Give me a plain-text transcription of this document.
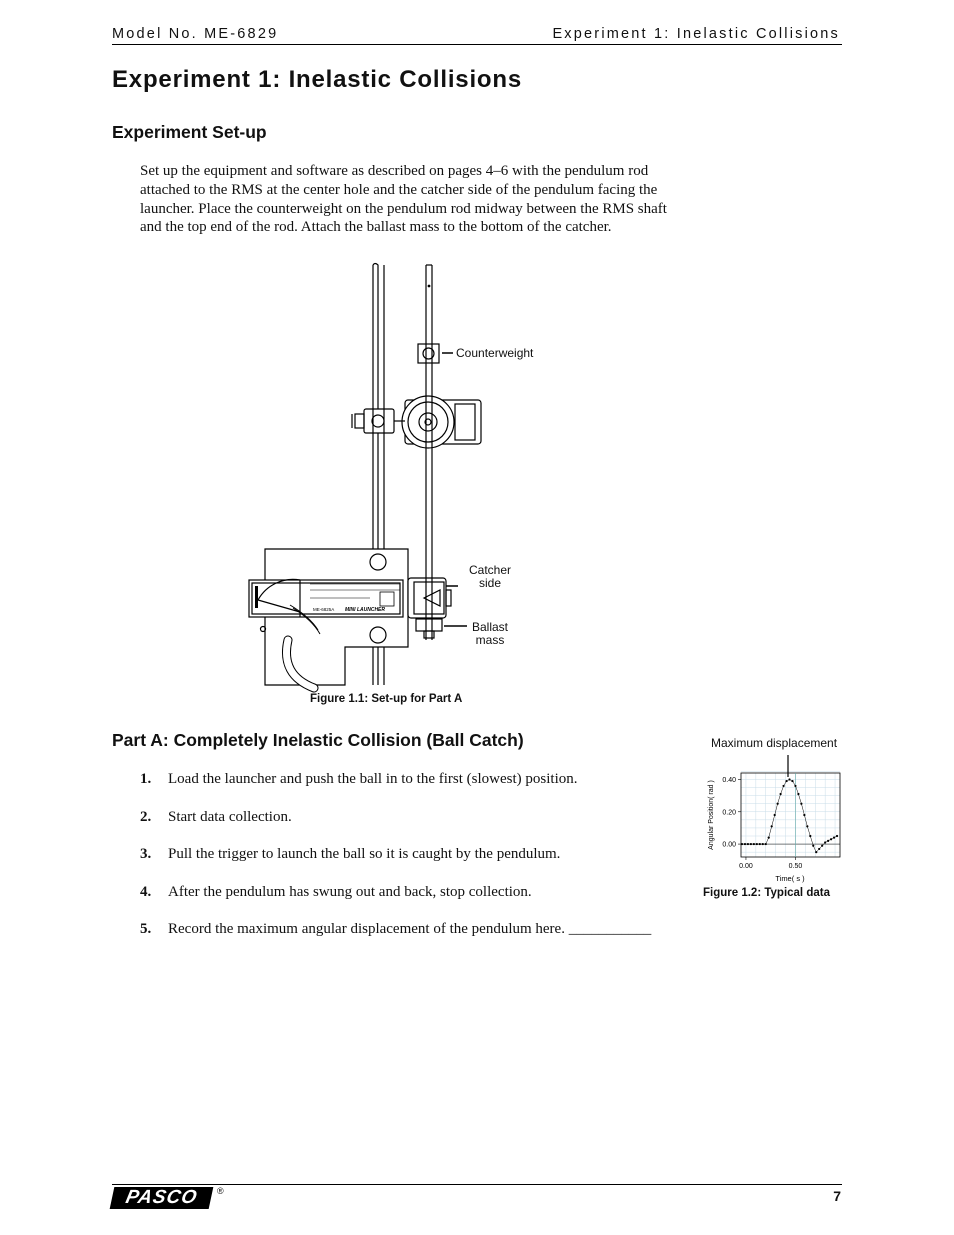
Model No. ME-6829	Experiment 1: Inelastic Collisions
Experiment 1: Inelastic Collisions
Experiment Set-up

Set up the equipment and software as described on pages 4–6 with the pendulum rod attached to the RMS at the center hole and the catcher side of the pendulum facing the launcher. Place the counterweight on the pendulum rod midway between the RMS shaft and the top end of the rod. Attach the ballast mass to the bottom of the catcher.

MINI LAUNCHER
ME-6825A
Counterweight
Catcher
side
Ballast
mass
Figure 1.1: Set-up for Part A
Part A: Completely Inelastic Collision (Ball Catch)
1. Load the launcher and push the ball in to the first (slowest) position.
2. Start data collection.
3. Pull the trigger to launch the ball so it is caught by the pendulum.
4. After the pendulum has swung out and back, stop collection.
5. Record the maximum angular displacement of the pendulum here. ___________
Maximum displacement
0.40
0.20
0.00
0.00	0.50
Time( s )
Angular Position( rad )
Figure 1.2: Typical data
PASCO	®	7
